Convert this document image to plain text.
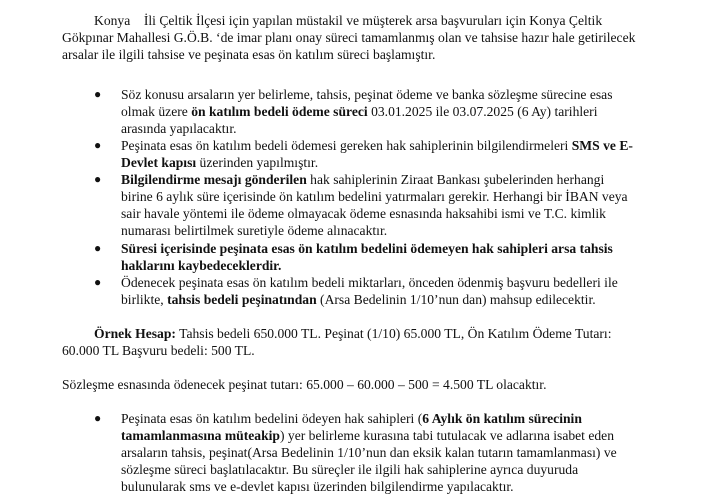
Konya    İli Çeltik İlçesi için yapılan müstakil ve müşterek arsa başvuruları için Konya Çeltik
Gökpınar Mahallesi G.Ö.B. ‘de imar planı onay süreci tamamlanmış olan ve tahsise hazır hale getirilecek
arsalar ile ilgili tahsise ve peşinata esas ön katılım süreci başlamıştır.
● Söz konusu arsaların yer belirleme, tahsis, peşinat ödeme ve banka sözleşme sürecine esas
olmak üzere ön katılım bedeli ödeme süreci 03.01.2025 ile 03.07.2025 (6 Ay) tarihleri
arasında yapılacaktır.
● Peşinata esas ön katılım bedeli ödemesi gereken hak sahiplerinin bilgilendirmeleri SMS ve E-
Devlet kapısı üzerinden yapılmıştır.
● Bilgilendirme mesajı gönderilen hak sahiplerinin Ziraat Bankası şubelerinden herhangi
birine 6 aylık süre içerisinde ön katılım bedelini yatırmaları gerekir. Herhangi bir İBAN veya
sair havale yöntemi ile ödeme olmayacak ödeme esnasında haksahibi ismi ve T.C. kimlik
numarası belirtilmek suretiyle ödeme alınacaktır.
● Süresi içerisinde peşinata esas ön katılım bedelini ödemeyen hak sahipleri arsa tahsis
haklarını kaybedeceklerdir.
● Ödenecek peşinata esas ön katılım bedeli miktarları, önceden ödenmiş başvuru bedelleri ile
birlikte, tahsis bedeli peşinatından (Arsa Bedelinin 1/10’nun dan) mahsup edilecektir.
Örnek Hesap: Tahsis bedeli 650.000 TL. Peşinat (1/10) 65.000 TL, Ön Katılım Ödeme Tutarı:
60.000 TL Başvuru bedeli: 500 TL.
Sözleşme esnasında ödenecek peşinat tutarı: 65.000 – 60.000 – 500 = 4.500 TL olacaktır.
● Peşinata esas ön katılım bedelini ödeyen hak sahipleri (6 Aylık ön katılım sürecinin
tamamlanmasına müteakip) yer belirleme kurasına tabi tutulacak ve adlarına isabet eden
arsaların tahsis, peşinat(Arsa Bedelinin 1/10’nun dan eksik kalan tutarın tamamlanması) ve
sözleşme süreci başlatılacaktır. Bu süreçler ile ilgili hak sahiplerine ayrıca duyuruda
bulunularak sms ve e-devlet kapısı üzerinden bilgilendirme yapılacaktır.
